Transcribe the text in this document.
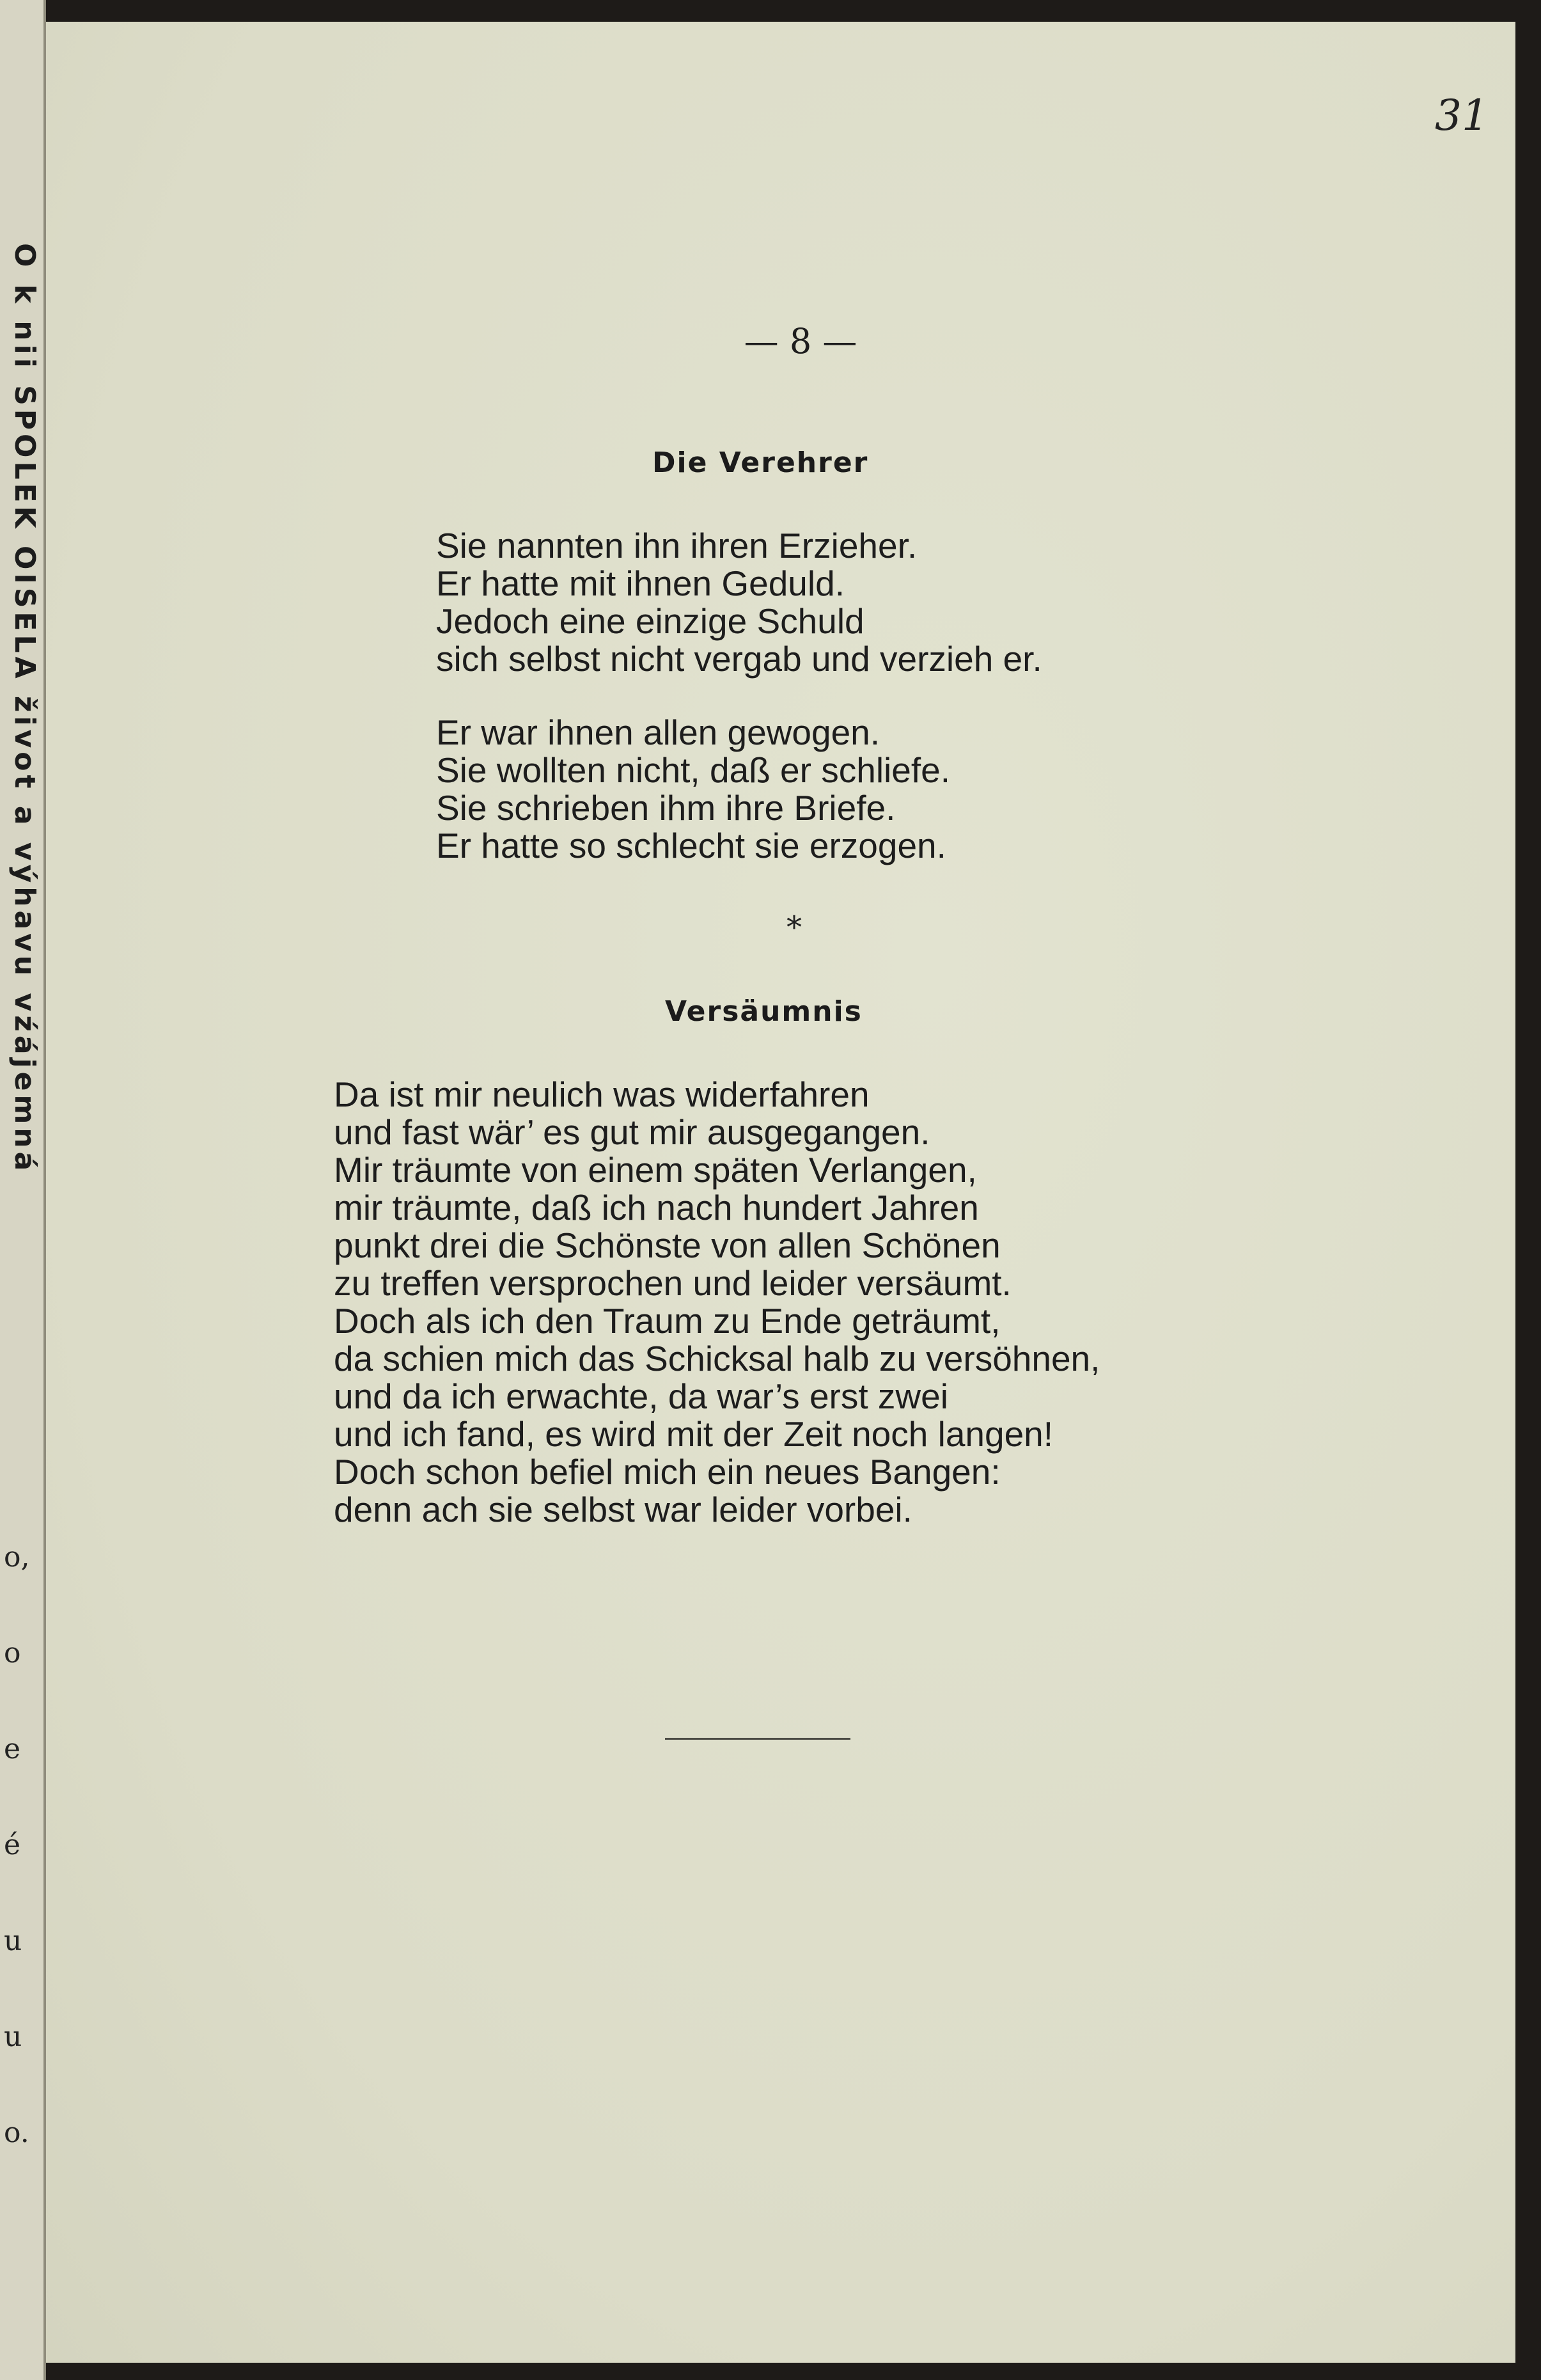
O k nii SPOLEK OISELA život a výhavu vźájemná
o,
o
e
é
u
u
o.
31
— 8 —
Die Verehrer
Sie nannten ihn ihren Erzieher.
Er hatte mit ihnen Geduld.
Jedoch eine einzige Schuld
sich selbst nicht vergab und verzieh er.
Er war ihnen allen gewogen.
Sie wollten nicht, daß er schliefe.
Sie schrieben ihm ihre Briefe.
Er hatte so schlecht sie erzogen.
*
Versäumnis
Da ist mir neulich was widerfahren
und fast wär’ es gut mir ausgegangen.
Mir träumte von einem späten Verlangen,
mir träumte, daß ich nach hundert Jahren
punkt drei die Schönste von allen Schönen
zu treffen versprochen und leider versäumt.
Doch als ich den Traum zu Ende geträumt,
da schien mich das Schicksal halb zu versöhnen,
und da ich erwachte, da war’s erst zwei
und ich fand, es wird mit der Zeit noch langen!
Doch schon befiel mich ein neues Bangen:
denn ach sie selbst war leider vorbei.
